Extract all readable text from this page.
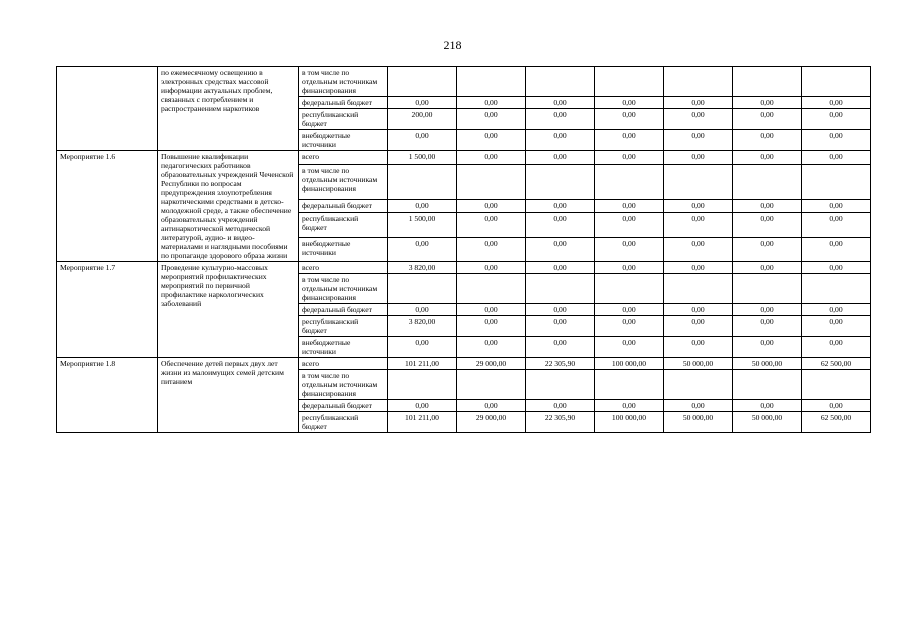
218
	по ежемесячному освещению в электронных средствах массовой информации актуальных проблем, связанных с потреблением и распространением наркотиков	в том числе по отдельным источникам финансирования							
		федеральный бюджет	0,00	0,00	0,00	0,00	0,00	0,00	0,00
		республиканский бюджет	200,00	0,00	0,00	0,00	0,00	0,00	0,00
		внебюджетные источники	0,00	0,00	0,00	0,00	0,00	0,00	0,00
Мероприятие 1.6	Повышение квалификации педагогических работников образовательных учреждений Чеченской Республики по вопросам предупреждения злоупотребления наркотическими средствами в детско-молодежной среде, а также обеспечение образовательных учреждений антинаркотической методической литературой, аудио- и видео-материалами и наглядными пособиями по пропаганде здорового образа жизни	всего	1 500,00	0,00	0,00	0,00	0,00	0,00	0,00
		в том числе по отдельным источникам финансирования							
		федеральный бюджет	0,00	0,00	0,00	0,00	0,00	0,00	0,00
		республиканский бюджет	1 500,00	0,00	0,00	0,00	0,00	0,00	0,00
		внебюджетные источники	0,00	0,00	0,00	0,00	0,00	0,00	0,00
Мероприятие 1.7	Проведение культурно-массовых мероприятий профилактических мероприятий по первичной профилактике наркологических заболеваний	всего	3 820,00	0,00	0,00	0,00	0,00	0,00	0,00
		в том числе по отдельным источникам финансирования							
		федеральный бюджет	0,00	0,00	0,00	0,00	0,00	0,00	0,00
		республиканский бюджет	3 820,00	0,00	0,00	0,00	0,00	0,00	0,00
		внебюджетные источники	0,00	0,00	0,00	0,00	0,00	0,00	0,00
Мероприятие 1.8	Обеспечение детей первых двух лет жизни из малоимущих семей детским питанием	всего	101 211,00	29 000,00	22 305,90	100 000,00	50 000,00	50 000,00	62 500,00
		в том числе по отдельным источникам финансирования							
		федеральный бюджет	0,00	0,00	0,00	0,00	0,00	0,00	0,00
		республиканский бюджет	101 211,00	29 000,00	22 305,90	100 000,00	50 000,00	50 000,00	62 500,00
